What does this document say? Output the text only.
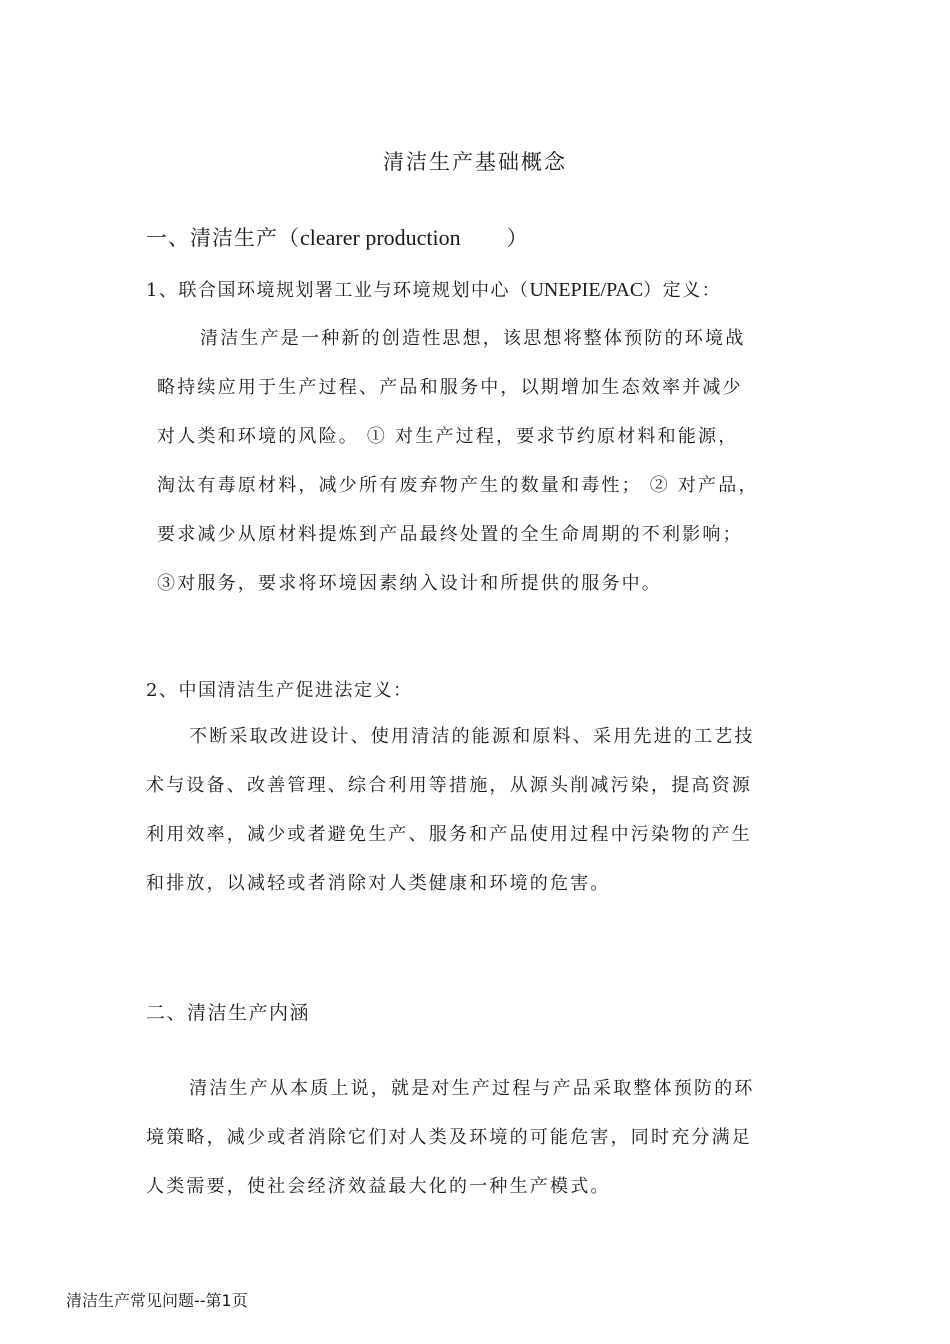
清洁生产基础概念
一、清洁生产（clearer production ）
1、联合国环境规划署工业与环境规划中心（UNEPIE/PAC）定义：
清洁生产是一种新的创造性思想，该思想将整体预防的环境战
略持续应用于生产过程、产品和服务中，以期增加生态效率并减少
对人类和环境的风险。 ① 对生产过程，要求节约原材料和能源，
淘汰有毒原材料，减少所有废弃物产生的数量和毒性； ② 对产品，
要求减少从原材料提炼到产品最终处置的全生命周期的不利影响；
③对服务，要求将环境因素纳入设计和所提供的服务中。
2、中国清洁生产促进法定义：
不断采取改进设计、使用清洁的能源和原料、采用先进的工艺技
术与设备、改善管理、综合利用等措施，从源头削减污染，提高资源
利用效率，减少或者避免生产、服务和产品使用过程中污染物的产生
和排放，以减轻或者消除对人类健康和环境的危害。
二、清洁生产内涵
清洁生产从本质上说，就是对生产过程与产品采取整体预防的环
境策略，减少或者消除它们对人类及环境的可能危害，同时充分满足
人类需要，使社会经济效益最大化的一种生产模式。
清洁生产常见问题--第1页
